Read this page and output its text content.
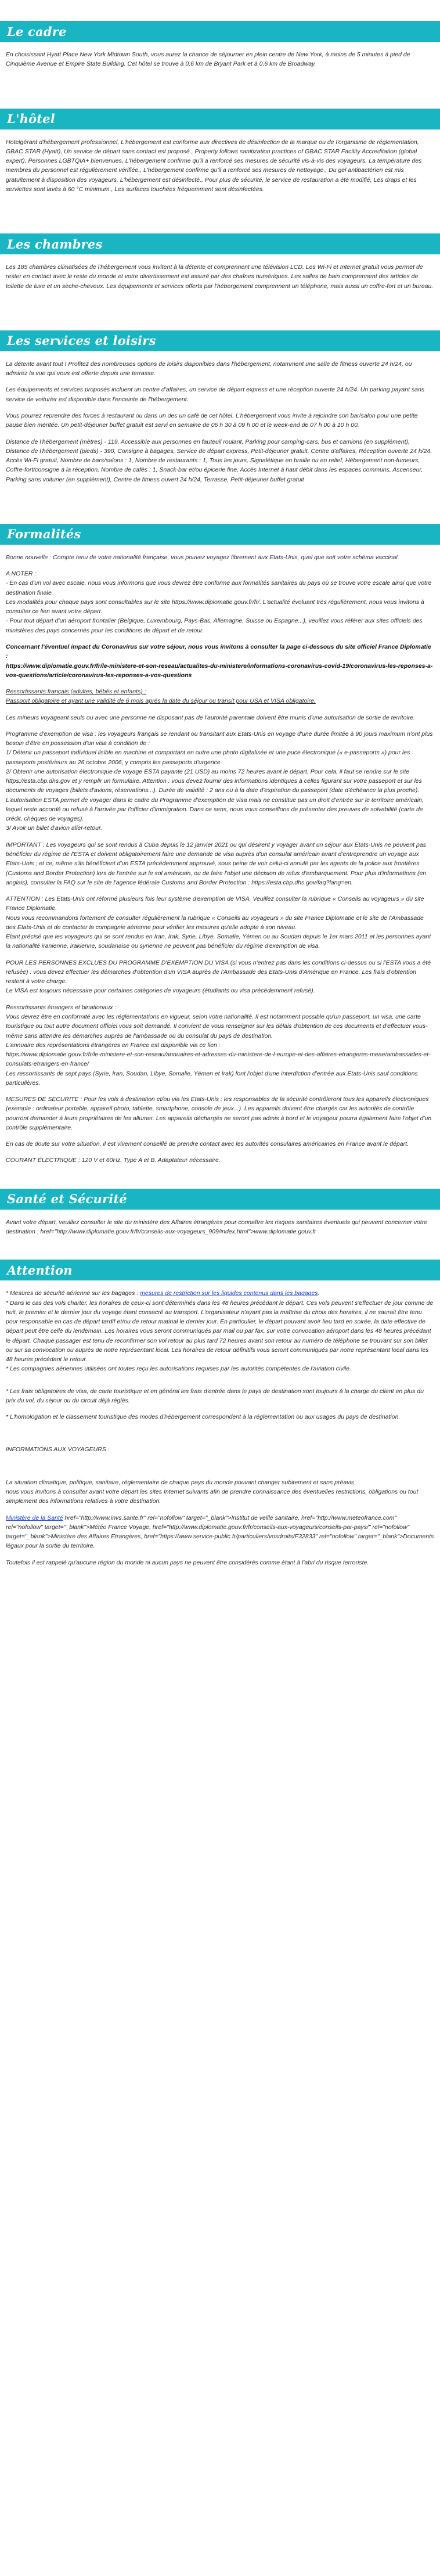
Le cadre

En choisissant Hyatt Place New York Midtown South, vous aurez la chance de séjourner en plein centre de New York, à moins de 5 minutes à pied de Cinquième Avenue et Empire State Building. Cet hôtel se trouve à 0,6 km de Bryant Park et à 0,6 km de Broadway.

L'hôtel

Hotelgérant d'hébergement professionnel, L'hébergement est conforme aux directives de désinfection de la marque ou de l'organisme de réglementation, GBAC STAR (Hyatt), Un service de départ sans contact est proposé., Property follows sanitization practices of GBAC STAR Facility Accreditation (global expert), Personnes LGBTQIA+ bienvenues, L'hébergement confirme qu'il a renforcé ses mesures de sécurité vis-à-vis des voyageurs, La température des membres du personnel est régulièrement vérifiée., L'hébergement confirme qu'il a renforcé ses mesures de nettoyage., Du gel antibactérien est mis gratuitement à disposition des voyageurs, L'hébergement est désinfecté., Pour plus de sécurité, le service de restauration a été modifié, Les draps et les serviettes sont lavés à 60 °C minimum., Les surfaces touchées fréquemment sont désinfectées.

Les chambres

Les 185 chambres climatisées de l'hébergement vous invitent à la détente et comprennent une télévision LCD. Les Wi-Fi et Internet gratuit vous permet de rester en contact avec le reste du monde et votre divertissement est assuré par des chaînes numériques. Les salles de bain comprennent des articles de toilette de luxe et un sèche-cheveux. Les équipements et services offerts par l'hébergement comprennent un téléphone, mais aussi un coffre-fort et un bureau.

Les services et loisirs

La détente avant tout ! Profitez des nombreuses options de loisirs disponibles dans l'hébergement, notamment une salle de fitness ouverte 24 h/24, ou admirez la vue qui vous est offerte depuis une terrasse.

Les équipements et services proposés incluent un centre d'affaires, un service de départ express et une réception ouverte 24 h/24. Un parking payant sans service de voiturier est disponible dans l'enceinte de l'hébergement.

Vous pourrez reprendre des forces à restaurant ou dans un des un café de cet hôtel. L'hébergement vous invite à rejoindre son bar/salon pour une petite pause bien méritée. Un petit-déjeuner buffet gratuit est servi en semaine de 06 h 30 à 09 h 00 et le week-end de 07 h 00 à 10 h 00.

Distance de l'hébergement (mètres) - 119, Accessible aux personnes en fauteuil roulant, Parking pour camping-cars, bus et camions (en supplément), Distance de l'hébergement (pieds) - 390, Consigne à bagages, Service de départ express, Petit-déjeuner gratuit, Centre d'affaires, Réception ouverte 24 h/24, Accès Wi-Fi gratuit, Nombre de bars/salons : 1, Nombre de restaurants : 1, Tous les jours, Signalétique en braille ou en relief, Hébergement non-fumeurs, Coffre-fort/consigne à la réception, Nombre de cafés : 1, Snack-bar et/ou épicerie fine, Accès Internet à haut débit dans les espaces communs, Ascenseur, Parking sans voiturier (en supplément), Centre de fitness ouvert 24 h/24, Terrasse, Petit-déjeuner buffet gratuit

Formalités

Bonne nouvelle : Compte tenu de votre nationalité française, vous pouvez voyagez librement aux Etats-Unis, quel que soit votre schéma vaccinal.

A NOTER :
- En cas d'un vol avec escale, nous vous informons que vous devrez être conforme aux formalités sanitaires du pays où se trouve votre escale ainsi que votre destination finale.
Les modalités pour chaque pays sont consultables sur le site https://www.diplomatie.gouv.fr/fr/. L'actualité évoluant très régulièrement, nous vous invitons à consulter ce lien avant votre départ.
- Pour tout départ d'un aéroport frontalier (Belgique, Luxembourg, Pays-Bas, Allemagne, Suisse ou Espagne...), veuillez vous référer aux sites officiels des ministères des pays concernés pour les conditions de départ et de retour.

Concernant l'éventuel impact du Coronavirus sur votre séjour, nous vous invitons à consulter la page ci-dessous du site officiel France Diplomatie :
https://www.diplomatie.gouv.fr/fr/le-ministere-et-son-reseau/actualites-du-ministere/informations-coronavirus-covid-19/coronavirus-les-reponses-a-vos-questions/article/coronavirus-les-reponses-a-vos-questions

Ressortissants français (adultes, bébés et enfants) :
Passport obligatoire et ayant une validité de 6 mois après la date du séjour ou transit pour USA et VISA obligatoire.

Les mineurs voyageant seuls ou avec une personne ne disposant pas de l'autorité parentale doivent être munis d'une autorisation de sortie de territoire.

Programme d'exemption de visa : les voyageurs français se rendant ou transitant aux Etats-Unis en voyage d'une durée limitée à 90 jours maximum n'ont plus besoin d'être en possession d'un visa à condition de :
1/ Détenir un passeport individuel lisible en machine et comportant en outre une photo digitalisée et une puce électronique (« e-passeports ») pour les passeports postérieurs au 26 octobre 2006, y compris les passeports d'urgence.
2/ Obtenir une autorisation électronique de voyage ESTA payante (21 USD) au moins 72 heures avant le départ. Pour cela, il faut se rendre sur le site https://esta.cbp.dhs.gov et y remplir un formulaire. Attention : vous devez fournir des informations identiques à celles figurant sur votre passeport et sur les documents de voyages (billets d'avions, réservations...). Durée de validité : 2 ans ou à la date d'expiration du passeport (date d'échéance la plus proche). L'autorisation ESTA permet de voyager dans le cadre du Programme d'exemption de visa mais ne constitue pas un droit d'entrée sur le territoire américain, lequel reste accordé ou refusé à l'arrivée par l'officier d'immigration. Dans ce sens, nous vous conseillons de présenter des preuves de solvabilité (carte de crédit, chèques de voyages).
3/ Avoir un billet d'avion aller-retour.

IMPORTANT : Les voyageurs qui se sont rendus à Cuba depuis le 12 janvier 2021 ou qui désirent y voyager avant un séjour aux Etats-Unis ne peuvent pas bénéficier du régime de l'ESTA et doivent obligatoirement faire une demande de visa auprès d'un consulat américain avant d'entreprendre un voyage aux Etats-Unis ; et ce, même s'ils bénéficient d'un ESTA précédemment approuvé, sous peine de voir celui-ci annulé par les agents de la police aux frontières (Customs and Border Protection) lors de l'entrée sur le sol américain, ou de faire l'objet une décision de refus d'embarquement. Pour plus d'informations (en anglais), consulter la FAQ sur le site de l'agence fédérale Customs and Border Protection : https://esta.cbp.dhs.gov/faq?lang=en.

ATTENTION : Les Etats-Unis ont réformé plusieurs fois leur système d'exemption de VISA. Veuillez consulter la rubrique « Conseils au voyageurs » du site France Diplomatie.
Nous vous recommandons fortement de consulter régulièrement la rubrique « Conseils au voyageurs » du site France Diplomatie et le site de l'Ambassade des Etats-Unis et de contacter la compagnie aérienne pour vérifier les mesures qu'elle adopte à son niveau.
Etant précisé que les voyageurs qui se sont rendus en Iran, Irak, Syrie, Libye, Somalie, Yémen ou au Soudan depuis le 1er mars 2011 et les personnes ayant la nationalité iranienne, irakienne, soudanaise ou syrienne ne peuvent pas bénéficier du régime d'exemption de visa.

POUR LES PERSONNES EXCLUES DU PROGRAMME D'EXEMPTION DU VISA (si vous n'entrez pas dans les conditions ci-dessus ou si l'ESTA vous a été refusée) : vous devez effectuer les démarches d'obtention d'un VISA auprès de l'Ambassade des Etats-Unis d'Amérique en France. Les frais d'obtention restent à votre charge.
Le VISA est toujours nécessaire pour certaines catégories de voyageurs (étudiants ou visa précédemment refusé).

Ressortissants étrangers et binationaux :
Vous devrez être en conformité avec les réglementations en vigueur, selon votre nationalité. Il est notamment possible qu'un passeport, un visa, une carte touristique ou tout autre document officiel vous soit demandé. Il convient de vous renseigner sur les délais d'obtention de ces documents et d'effectuer vous-même sans attendre les démarches auprès de l'ambassade ou du consulat du pays de destination.
L'annuaire des représentations étrangères en France est disponible via ce lien :
https://www.diplomatie.gouv.fr/fr/le-ministere-et-son-reseau/annuaires-et-adresses-du-ministere-de-l-europe-et-des-affaires-etrangeres-meae/ambassades-et-consulats-etrangers-en-france/
Les ressortissants de sept pays (Syrie, Iran, Soudan, Libye, Somalie, Yémen et Irak) font l'objet d'une interdiction d'entrée aux Etats-Unis sauf conditions particulières.

MESURES DE SECURITE : Pour les vols à destination et/ou via les Etats-Unis : les responsables de la sécurité contrôleront tous les appareils électroniques (exemple : ordinateur portable, appareil photo, tablette, smartphone, console de jeux...). Les appareils doivent être chargés car les autorités de contrôle pourront demander à leurs propriétaires de les allumer. Les appareils déchargés ne seront pas admis à bord et le voyageur pourra également faire l'objet d'un contrôle supplémentaire.

En cas de doute sur votre situation, il est vivement conseillé de prendre contact avec les autorités consulaires américaines en France avant le départ.

COURANT ÉLECTRIQUE : 120 V et 60Hz. Type A et B. Adaptateur nécessaire.

Santé et Sécurité

Avant votre départ, veuillez consulter le site du ministère des Affaires étrangères pour connaître les risques sanitaires éventuels qui peuvent concerner votre destination : href="http://www.diplomatie.gouv.fr/fr/conseils-aux-voyageurs_909/index.html">www.diplomatie.gouv.fr

Attention

* Mesures de sécurité aérienne sur les bagages : mesures de restriction sur les liquides contenus dans les bagages.
* Dans le cas des vols charter, les horaires de ceux-ci sont déterminés dans les 48 heures précédant le départ. Ces vols peuvent s'effectuer de jour comme de nuit, le premier et le dernier jour du voyage étant consacré au transport. L'organisateur n'ayant pas la maîtrise du choix des horaires, il ne saurait être tenu pour responsable en cas de départ tardif et/ou de retour matinal le dernier jour. En particulier, le départ pouvant avoir lieu tard en soirée, la date effective de départ peut être celle du lendemain. Les horaires vous seront communiqués par mail ou par fax, sur votre convocation aéroport dans les 48 heures précédant le départ. Chaque passager est tenu de reconfirmer son vol retour au plus tard 72 heures avant son retour au numéro de téléphone se trouvant sur son billet ou sur sa convocation ou auprès de notre représentant local. Les horaires de retour définitifs vous seront communiqués par notre représentant local dans les 48 heures précédant le retour.
* Les compagnies aériennes utilisées ont toutes reçu les autorisations requises par les autorités compétentes de l'aviation civile.

* Les frais obligatoires de visa, de carte touristique et en général les frais d'entrée dans le pays de destination sont toujours à la charge du client en plus du prix du vol, du séjour ou du circuit déjà réglés.

* L'homologation et le classement touristique des modes d'hébergement correspondent à la réglementation ou aux usages du pays de destination.

INFORMATIONS AUX VOYAGEURS :

La situation climatique, politique, sanitaire, réglementaire de chaque pays du monde pouvant changer subitement et sans préavis
nous vous invitons à consulter avant votre départ les sites Internet suivants afin de prendre connaissance des éventuelles restrictions, obligations ou tout simplement des informations relatives à votre destination.

Ministère de la Santé href="http://www.invs.sante.fr" rel="nofollow" target="_blank">Institut de veille sanitaire, href="http://www.meteofrance.com" rel="nofollow" target="_blank">Météo France Voyage, href="http://www.diplomatie.gouv.fr/fr/conseils-aux-voyageurs/conseils-par-pays/" rel="nofollow" target="_blank">Ministère des Affaires Etrangères, href="https://www.service-public.fr/particuliers/vosdroits/F32833" rel="nofollow" target="_blank">Documents légaux pour la sortie du territoire.

Toutefois il est rappelé qu'aucune région du monde ni aucun pays ne peuvent être considérés comme étant à l'abri du risque terroriste.
